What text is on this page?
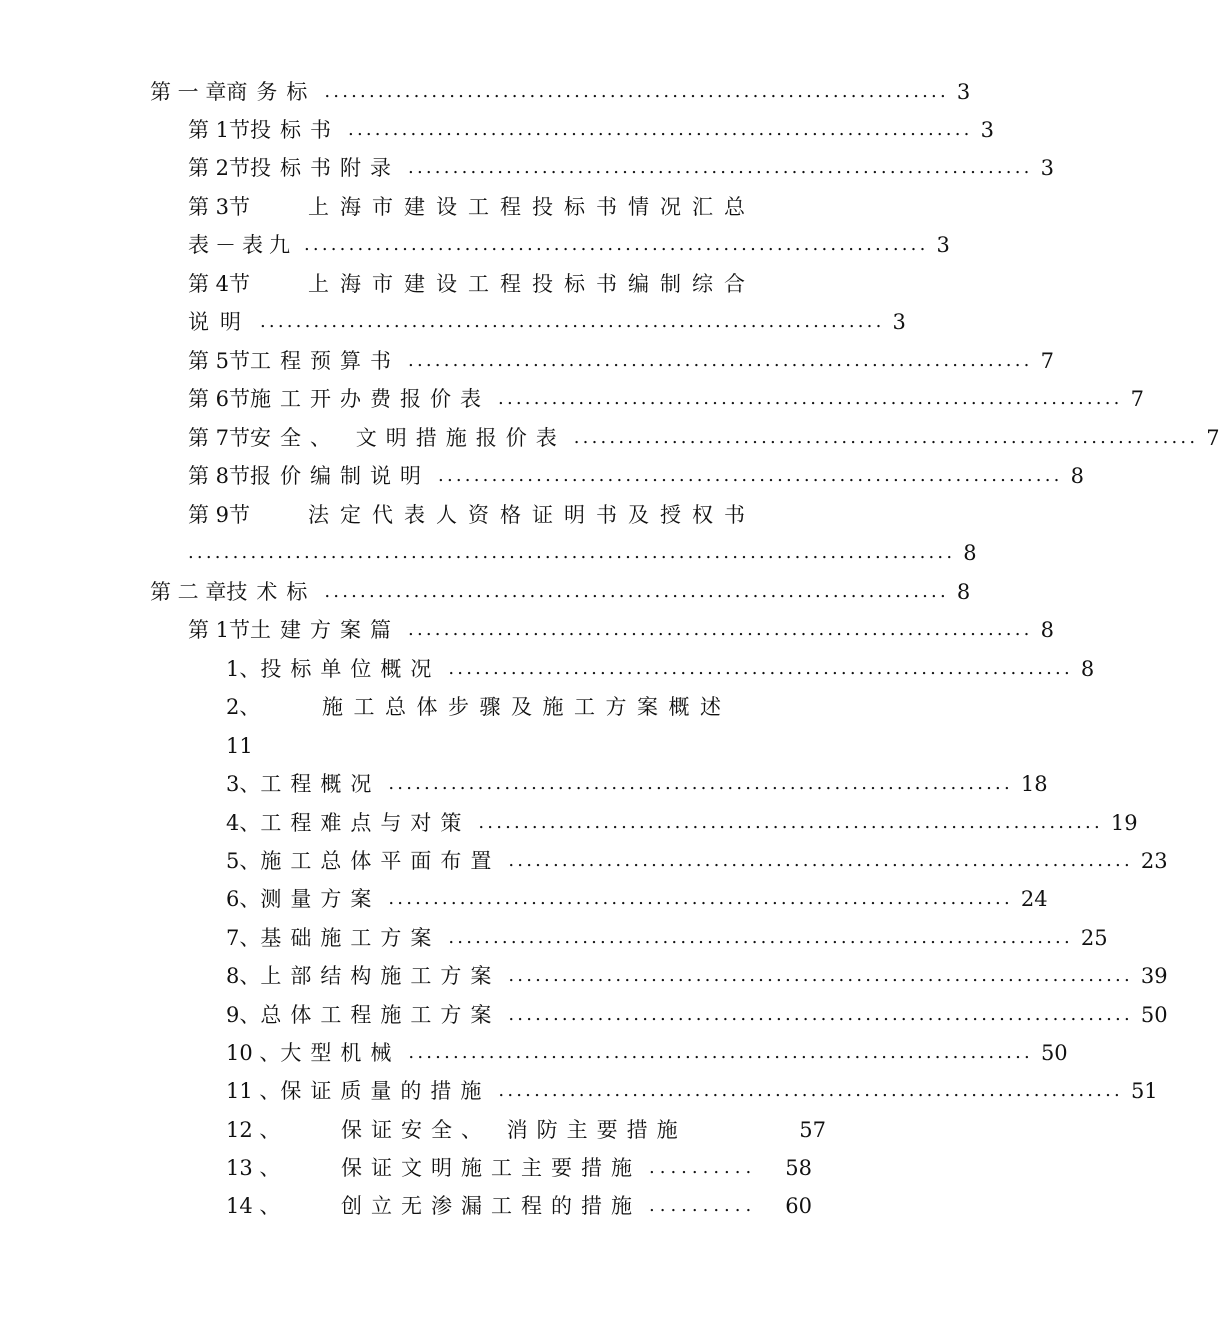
第 一 章 商务标 ...................................................................... 3
第 1节 投标书 ...................................................................... 3
第 2节 投标书附录 ...................................................................... 3
第 3节	上海市建设工程投标书情况汇总
表－表九 ...................................................................... 3
第 4节	上海市建设工程投标书编制综合
说明 ...................................................................... 3
第 5节 工程预算书 ...................................................................... 7
第 6节 施工开办费报价表 ...................................................................... 7
第 7节 安全、 文明措施报价表 ...................................................................... 7
第 8节 报价编制说明 ...................................................................... 8
第 9节	法定代表人资格证明书及授权书
...................................................................................... 8
第 二 章 技术标 ...................................................................... 8
第 1节 土建方案篇 ...................................................................... 8
1、 投标单位概况 ...................................................................... 8
2、	施工总体步骤及施工方案概述
11
3、 工程概况 ...................................................................... 18
4、 工程难点与对策 ...................................................................... 19
5、 施工总体平面布置 ...................................................................... 23
6、 测量方案 ...................................................................... 24
7、 基础施工方案 ...................................................................... 25
8、 上部结构施工方案 ...................................................................... 39
9、 总体工程施工方案 ...................................................................... 50
10 、 大型机械 ...................................................................... 50
11 、 保证质量的措施 ...................................................................... 51
12 、	保证安全、 消防主要措施	57
13 、	保证文明施工主要措施 ..........	58
14 、	创立无渗漏工程的措施 ..........	60
